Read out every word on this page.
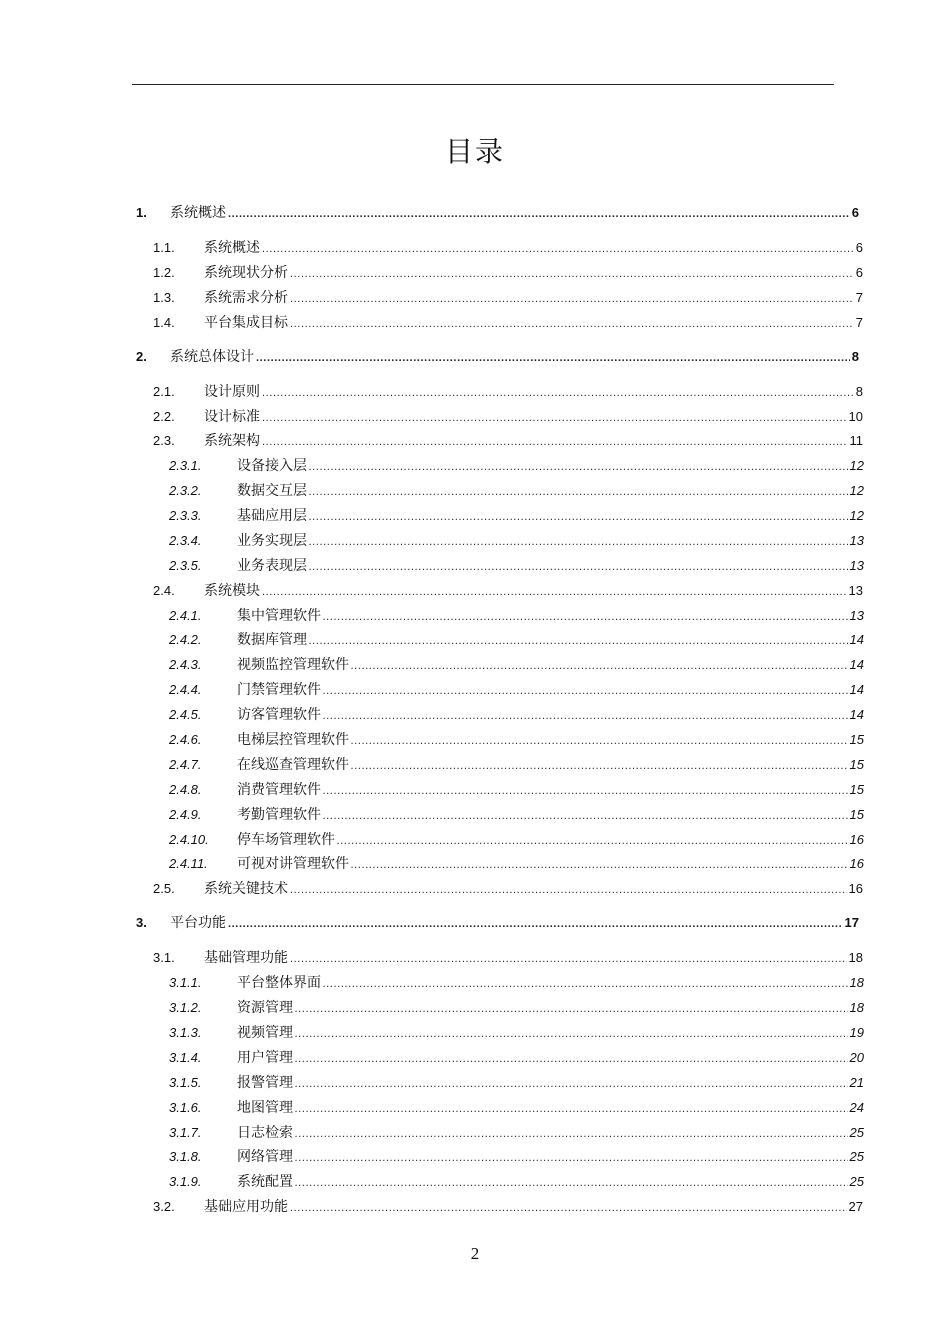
目录
1.	系统概述 .....	6
1.1.	系统概述 .....	6
1.2.	系统现状分析 .....	6
1.3.	系统需求分析 .....	7
1.4.	平台集成目标 .....	7
2.	系统总体设计 .....	8
2.1.	设计原则 .....	8
2.2.	设计标准 .....	10
2.3.	系统架构 .....	11
2.3.1.	设备接入层 .....	12
2.3.2.	数据交互层 .....	12
2.3.3.	基础应用层 .....	12
2.3.4.	业务实现层 .....	13
2.3.5.	业务表现层 .....	13
2.4.	系统模块 .....	13
2.4.1.	集中管理软件 .....	13
2.4.2.	数据库管理 .....	14
2.4.3.	视频监控管理软件 .....	14
2.4.4.	门禁管理软件 .....	14
2.4.5.	访客管理软件 .....	14
2.4.6.	电梯层控管理软件 .....	15
2.4.7.	在线巡查管理软件 .....	15
2.4.8.	消费管理软件 .....	15
2.4.9.	考勤管理软件 .....	15
2.4.10.	停车场管理软件 .....	16
2.4.11.	可视对讲管理软件 .....	16
2.5.	系统关键技术 .....	16
3.	平台功能 .....	17
3.1.	基础管理功能 .....	18
3.1.1.	平台整体界面 .....	18
3.1.2.	资源管理 .....	18
3.1.3.	视频管理 .....	19
3.1.4.	用户管理 .....	20
3.1.5.	报警管理 .....	21
3.1.6.	地图管理 .....	24
3.1.7.	日志检索 .....	25
3.1.8.	网络管理 .....	25
3.1.9.	系统配置 .....	25
3.2.	基础应用功能 .....	27
2
